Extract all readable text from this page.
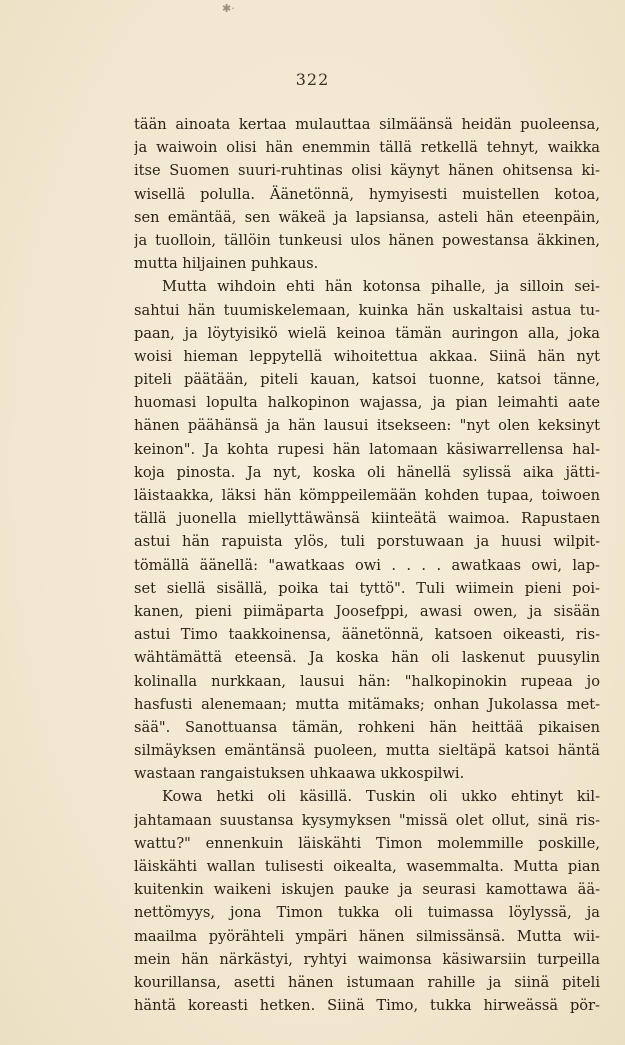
✱·
322
tään ainoata kertaa mulauttaa silmäänsä heidän puoleensa,
ja waiwoin olisi hän enemmin tällä retkellä tehnyt, waikka
itse Suomen suuri-ruhtinas olisi käynyt hänen ohitsensa ki-
wisellä polulla. Äänetönnä, hymyisesti muistellen kotoa,
sen emäntää, sen wäkeä ja lapsiansa, asteli hän eteenpäin,
ja tuolloin, tällöin tunkeusi ulos hänen powestansa äkkinen,
mutta hiljainen puhkaus.
Mutta wihdoin ehti hän kotonsa pihalle, ja silloin sei-
sahtui hän tuumiskelemaan, kuinka hän uskaltaisi astua tu-
paan, ja löytyisikö wielä keinoa tämän auringon alla, joka
woisi hieman leppytellä wihoitettua akkaa. Siinä hän nyt
piteli päätään, piteli kauan, katsoi tuonne, katsoi tänne,
huomasi lopulta halkopinon wajassa, ja pian leimahti aate
hänen päähänsä ja hän lausui itsekseen: "nyt olen keksinyt
keinon". Ja kohta rupesi hän latomaan käsiwarrellensa hal-
koja pinosta. Ja nyt, koska oli hänellä sylissä aika jätti-
läistaakka, läksi hän kömppeilemään kohden tupaa, toiwoen
tällä juonella miellyttäwänsä kiinteätä waimoa. Rapustaen
astui hän rapuista ylös, tuli porstuwaan ja huusi wilpit-
tömällä äänellä: "awatkaas owi . . . . awatkaas owi, lap-
set siellä sisällä, poika tai tyttö". Tuli wiimein pieni poi-
kanen, pieni piimäparta Joosefppi, awasi owen, ja sisään
astui Timo taakkoinensa, äänetönnä, katsoen oikeasti, ris-
wähtämättä eteensä. Ja koska hän oli laskenut puusylin
kolinalla nurkkaan, lausui hän: "halkopinokin rupeaa jo
hasfusti alenemaan; mutta mitämaks; onhan Jukolassa met-
sää". Sanottuansa tämän, rohkeni hän heittää pikaisen
silmäyksen emäntänsä puoleen, mutta sieltäpä katsoi häntä
wastaan rangaistuksen uhkaawa ukkospilwi.
Kowa hetki oli käsillä. Tuskin oli ukko ehtinyt kil-
jahtamaan suustansa kysymyksen "missä olet ollut, sinä ris-
wattu?" ennenkuin läiskähti Timon molemmille poskille,
läiskähti wallan tulisesti oikealta, wasemmalta. Mutta pian
kuitenkin waikeni iskujen pauke ja seurasi kamottawa ää-
nettömyys, jona Timon tukka oli tuimassa löylyssä, ja
maailma pyörähteli ympäri hänen silmissänsä. Mutta wii-
mein hän närkästyi, ryhtyi waimonsa käsiwarsiin turpeilla
kourillansa, asetti hänen istumaan rahille ja siinä piteli
häntä koreasti hetken. Siinä Timo, tukka hirweässä pör-
